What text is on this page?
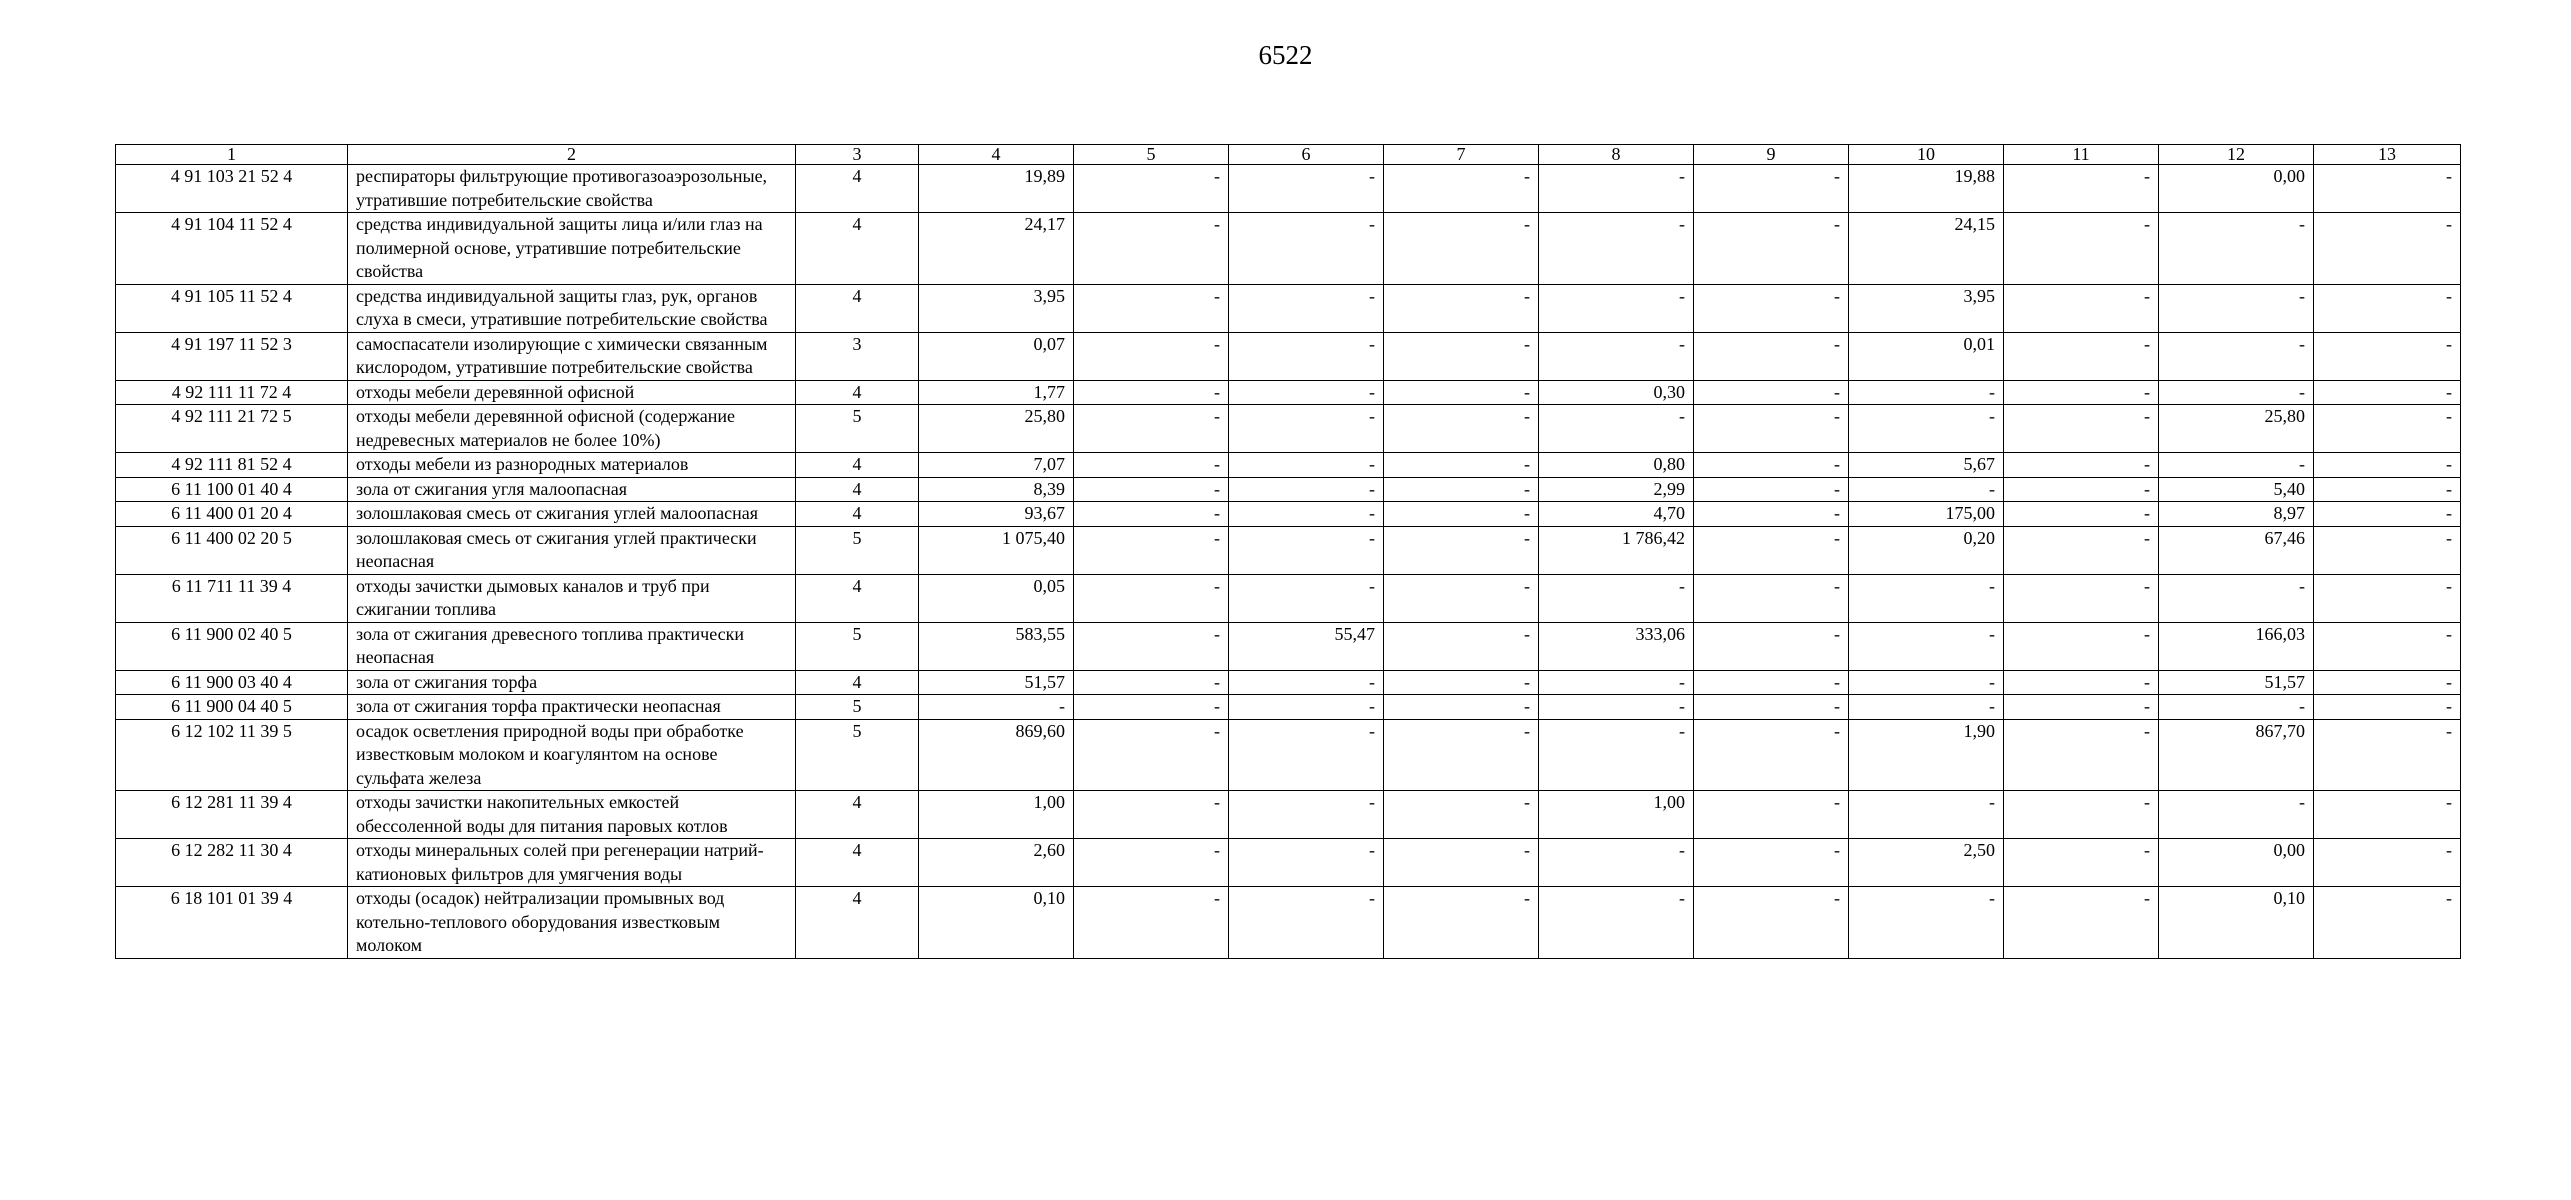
6522
1	2	3	4	5	6	7	8	9	10	11	12	13
4 91 103 21 52 4	респираторы фильтрующие противогазоаэрозольные, утратившие потребительские свойства	4	19,89	-	-	-	-	-	19,88	-	0,00	-
4 91 104 11 52 4	средства индивидуальной защиты лица и/или глаз на полимерной основе, утратившие потребительские свойства	4	24,17	-	-	-	-	-	24,15	-	-	-
4 91 105 11 52 4	средства индивидуальной защиты глаз, рук, органов слуха в смеси, утратившие потребительские свойства	4	3,95	-	-	-	-	-	3,95	-	-	-
4 91 197 11 52 3	самоспасатели изолирующие с химически связанным кислородом, утратившие потребительские свойства	3	0,07	-	-	-	-	-	0,01	-	-	-
4 92 111 11 72 4	отходы мебели деревянной офисной	4	1,77	-	-	-	0,30	-	-	-	-	-
4 92 111 21 72 5	отходы мебели деревянной офисной (содержание недревесных материалов не более 10%)	5	25,80	-	-	-	-	-	-	-	25,80	-
4 92 111 81 52 4	отходы мебели из разнородных материалов	4	7,07	-	-	-	0,80	-	5,67	-	-	-
6 11 100 01 40 4	зола от сжигания угля малоопасная	4	8,39	-	-	-	2,99	-	-	-	5,40	-
6 11 400 01 20 4	золошлаковая смесь от сжигания углей малоопасная	4	93,67	-	-	-	4,70	-	175,00	-	8,97	-
6 11 400 02 20 5	золошлаковая смесь от сжигания углей практически неопасная	5	1 075,40	-	-	-	1 786,42	-	0,20	-	67,46	-
6 11 711 11 39 4	отходы зачистки дымовых каналов и труб при сжигании топлива	4	0,05	-	-	-	-	-	-	-	-	-
6 11 900 02 40 5	зола от сжигания древесного топлива практически неопасная	5	583,55	-	55,47	-	333,06	-	-	-	166,03	-
6 11 900 03 40 4	зола от сжигания торфа	4	51,57	-	-	-	-	-	-	-	51,57	-
6 11 900 04 40 5	зола от сжигания торфа практически неопасная	5	-	-	-	-	-	-	-	-	-	-
6 12 102 11 39 5	осадок осветления природной воды при обработке известковым молоком и коагулянтом на основе сульфата железа	5	869,60	-	-	-	-	-	1,90	-	867,70	-
6 12 281 11 39 4	отходы зачистки накопительных емкостей обессоленной воды для питания паровых котлов	4	1,00	-	-	-	1,00	-	-	-	-	-
6 12 282 11 30 4	отходы минеральных солей при регенерации натрий-катионовых фильтров для умягчения воды	4	2,60	-	-	-	-	-	2,50	-	0,00	-
6 18 101 01 39 4	отходы (осадок) нейтрализации промывных вод котельно-теплового оборудования известковым молоком	4	0,10	-	-	-	-	-	-	-	0,10	-
